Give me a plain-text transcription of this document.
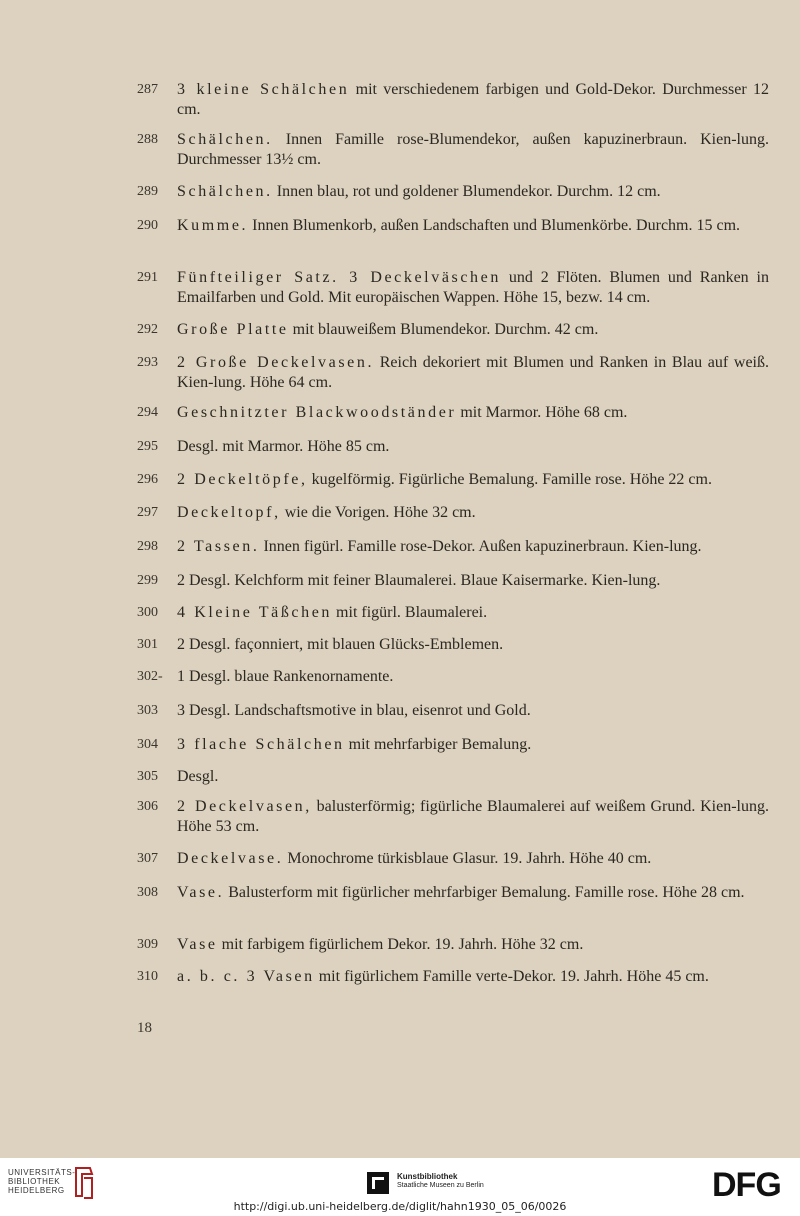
287	3 kleine Schälchen mit verschiedenem farbigen und Gold-Dekor. Durchmesser 12 cm.
288	Schälchen. Innen Famille rose-Blumendekor, außen kapuzinerbraun. Kien-lung. Durchmesser 13½ cm.
289	Schälchen. Innen blau, rot und goldener Blumendekor. Durchm. 12 cm.
290	Kumme. Innen Blumenkorb, außen Landschaften und Blumenkörbe. Durchm. 15 cm.
291	Fünfteiliger Satz. 3 Deckelväschen und 2 Flöten. Blumen und Ranken in Emailfarben und Gold. Mit europäischen Wappen. Höhe 15, bezw. 14 cm.
292	Große Platte mit blauweißem Blumendekor. Durchm. 42 cm.
293	2 Große Deckelvasen. Reich dekoriert mit Blumen und Ranken in Blau auf weiß. Kien-lung. Höhe 64 cm.
294	Geschnitzter Blackwoodständer mit Marmor. Höhe 68 cm.
295	Desgl. mit Marmor. Höhe 85 cm.
296	2 Deckeltöpfe, kugelförmig. Figürliche Bemalung. Famille rose. Höhe 22 cm.
297	Deckeltopf, wie die Vorigen. Höhe 32 cm.
298	2 Tassen. Innen figürl. Famille rose-Dekor. Außen kapuzinerbraun. Kien-lung.
299	2 Desgl. Kelchform mit feiner Blaumalerei. Blaue Kaisermarke. Kien-lung.
300	4 Kleine Täßchen mit figürl. Blaumalerei.
301	2 Desgl. façonniert, mit blauen Glücks-Emblemen.
302- 1 Desgl. blaue Rankenornamente.
303	3 Desgl. Landschaftsmotive in blau, eisenrot und Gold.
304	3 flache Schälchen mit mehrfarbiger Bemalung.
305	Desgl.
306	2 Deckelvasen, balusterförmig; figürliche Blaumalerei auf weißem Grund. Kien-lung. Höhe 53 cm.
307	Deckelvase. Monochrome türkisblaue Glasur. 19. Jahrh. Höhe 40 cm.
308	Vase. Balusterform mit figürlicher mehrfarbiger Bemalung. Famille rose. Höhe 28 cm.
309	Vase mit farbigem figürlichem Dekor. 19. Jahrh. Höhe 32 cm.
310	a. b. c. 3 Vasen mit figürlichem Famille verte-Dekor. 19. Jahrh. Höhe 45 cm.
18
UNIVERSITÄTS-
BIBLIOTHEK
HEIDELBERG
Kunstbibliothek
Staatliche Museen zu Berlin	DFG
http://digi.ub.uni-heidelberg.de/diglit/hahn1930_05_06/0026
